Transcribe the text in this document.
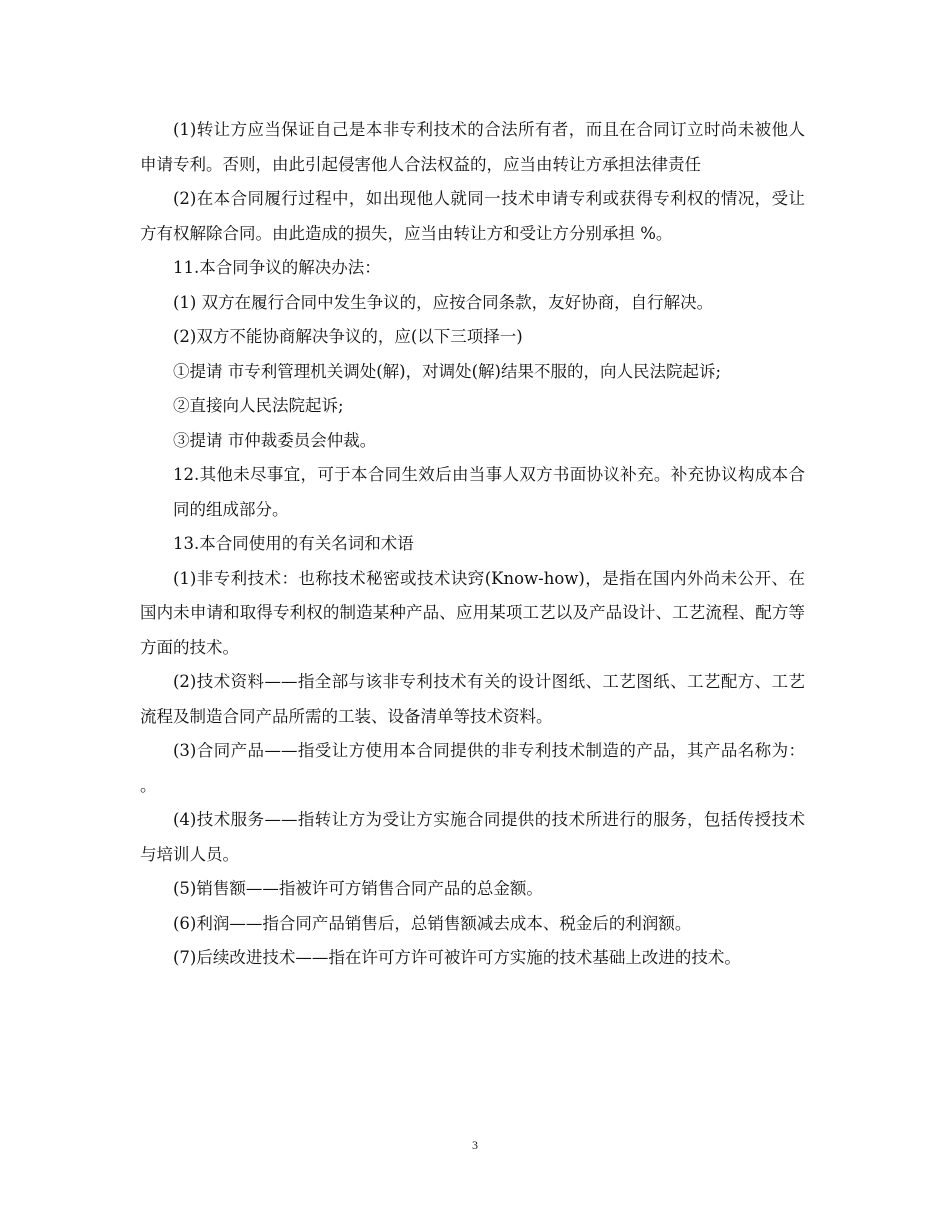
(1)转让方应当保证自己是本非专利技术的合法所有者，而且在合同订立时尚未被他人申请专利。否则，由此引起侵害他人合法权益的，应当由转让方承担法律责任

(2)在本合同履行过程中，如出现他人就同一技术申请专利或获得专利权的情况，受让方有权解除合同。由此造成的损失，应当由转让方和受让方分别承担 %。

11.本合同争议的解决办法：

(1) 双方在履行合同中发生争议的，应按合同条款，友好协商，自行解决。

(2)双方不能协商解决争议的，应(以下三项择一)

①提请 市专利管理机关调处(解)，对调处(解)结果不服的，向人民法院起诉;

②直接向人民法院起诉;

③提请 市仲裁委员会仲裁。

12.其他未尽事宜，可于本合同生效后由当事人双方书面协议补充。补充协议构成本合同的组成部分。

13.本合同使用的有关名词和术语

(1)非专利技术：也称技术秘密或技术诀窍(Know-how)，是指在国内外尚未公开、在国内未申请和取得专利权的制造某种产品、应用某项工艺以及产品设计、工艺流程、配方等方面的技术。

(2)技术资料——指全部与该非专利技术有关的设计图纸、工艺图纸、工艺配方、工艺流程及制造合同产品所需的工装、设备清单等技术资料。

(3)合同产品——指受让方使用本合同提供的非专利技术制造的产品，其产品名称为： 。

(4)技术服务——指转让方为受让方实施合同提供的技术所进行的服务，包括传授技术与培训人员。

(5)销售额——指被许可方销售合同产品的总金额。

(6)利润——指合同产品销售后，总销售额减去成本、税金后的利润额。

(7)后续改进技术——指在许可方许可被许可方实施的技术基础上改进的技术。

3
